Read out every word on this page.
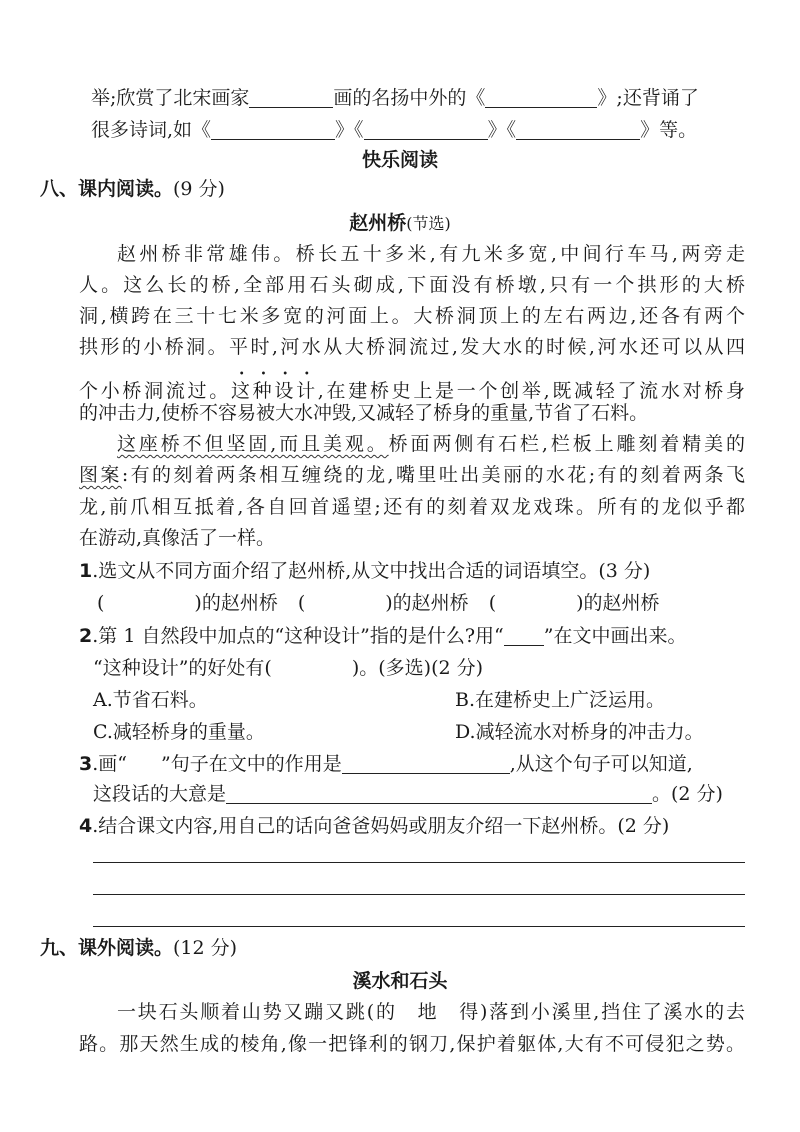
举;欣赏了北宋画家	画的名扬中外的《	》;还背诵了
很多诗词,如《	》《	》《	》等。
快乐阅读
八、课内阅读。(9 分)
赵州桥(节选)
赵州桥非常雄伟。桥长五十多米,有九米多宽,中间行车马,两旁走
人。这么长的桥,全部用石头砌成,下面没有桥墩,只有一个拱形的大桥
洞,横跨在三十七米多宽的河面上。大桥洞顶上的左右两边,还各有两个
拱形的小桥洞。平时,河水从大桥洞流过,发大水的时候,河水还可以从四
个小桥洞流过。这种设计,在建桥史上是一个创举,既减轻了流水对桥身
的冲击力,使桥不容易被大水冲毁,又减轻了桥身的重量,节省了石料。
这座桥不但坚固,而且美观。桥面两侧有石栏,栏板上雕刻着精美的
图案:有的刻着两条相互缠绕的龙,嘴里吐出美丽的水花;有的刻着两条飞
龙,前爪相互抵着,各自回首遥望;还有的刻着双龙戏珠。所有的龙似乎都
在游动,真像活了一样。
1.选文从不同方面介绍了赵州桥,从文中找出合适的词语填空。(3 分)
(	)的赵州桥 (	)的赵州桥 (	)的赵州桥
2.第 1 自然段中加点的“这种设计”指的是什么?用“ ”在文中画出来。
“这种设计”的好处有(	)。(多选)(2 分)
A.节省石料。	B.在建桥史上广泛运用。
C.减轻桥身的重量。	D.减轻流水对桥身的冲击力。
3.画“ ”句子在文中的作用是	,从这个句子可以知道,
这段话的大意是	。(2 分)
4.结合课文内容,用自己的话向爸爸妈妈或朋友介绍一下赵州桥。(2 分)
九、课外阅读。(12 分)
溪水和石头
一块石头顺着山势又蹦又跳(的　地　得)落到小溪里,挡住了溪水的去
路。那天然生成的棱角,像一把锋利的钢刀,保护着躯体,大有不可侵犯之势。
